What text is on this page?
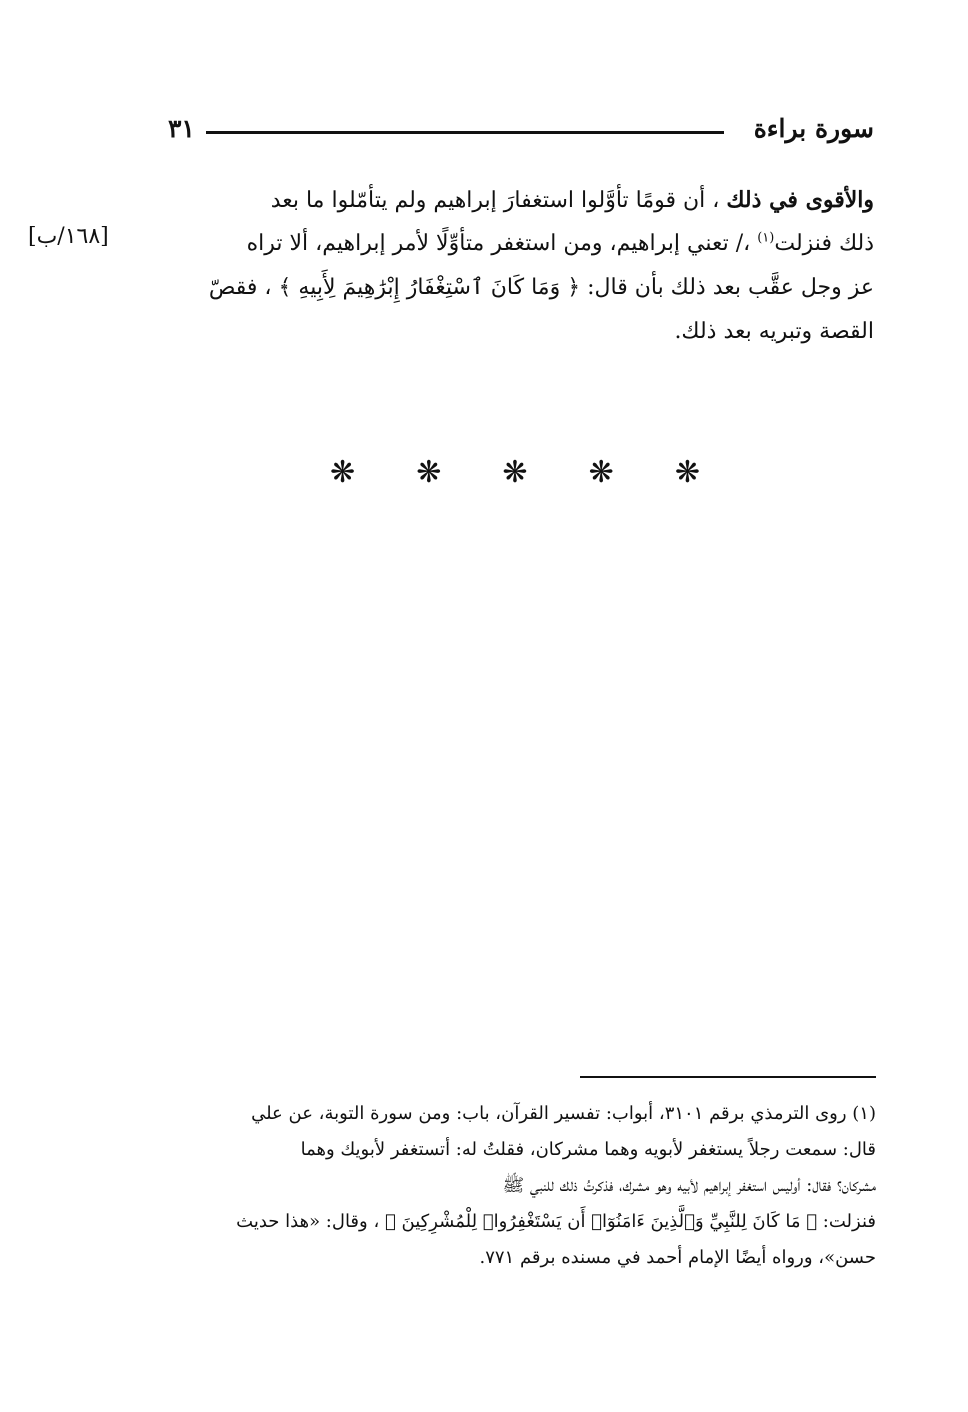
سورة براءة
٣١
[١٦٨/ب]
والأقوى في ذلك ، أن قومًا تأوَّلوا استغفارَ إبراهيم ولم يتأمّلوا ما بعد
ذلك فنزلت$^{(١)}$ ،/ تعني إبراهيم، ومن استغفر متأوِّلًا لأمر إبراهيم، ألا تراه
عز وجل عقَّب بعد ذلك بأن قال: ﴿ وَمَا كَانَ ٱسْتِغْفَارُ إِبْرَٰهِيمَ لِأَبِيهِ ﴾ ، فقصّ
القصة وتبريه بعد ذلك.
❋ ❋ ❋ ❋ ❋
(١) روى الترمذي برقم ٣١٠١، أبواب: تفسير القرآن، باب: ومن سورة التوبة، عن علي
قال: سمعت رجلاً يستغفر لأبويه وهما مشركان، فقلتُ له: أتستغفر لأبويك وهما
مشركان؟ فقال: أوليس استغفر إبراهيم لأبيه وهو مشرك، فذكرتُ ذلك للنبي ﷺ
فنزلت: ﴿ مَا كَانَ لِلنَّبِيِّ وَٱلَّذِينَ ءَامَنُوٓا۟ أَن يَسْتَغْفِرُوا۟ لِلْمُشْرِكِينَ ﴾ ، وقال: «هذا حديث
حسن»، ورواه أيضًا الإمام أحمد في مسنده برقم ٧٧١.
